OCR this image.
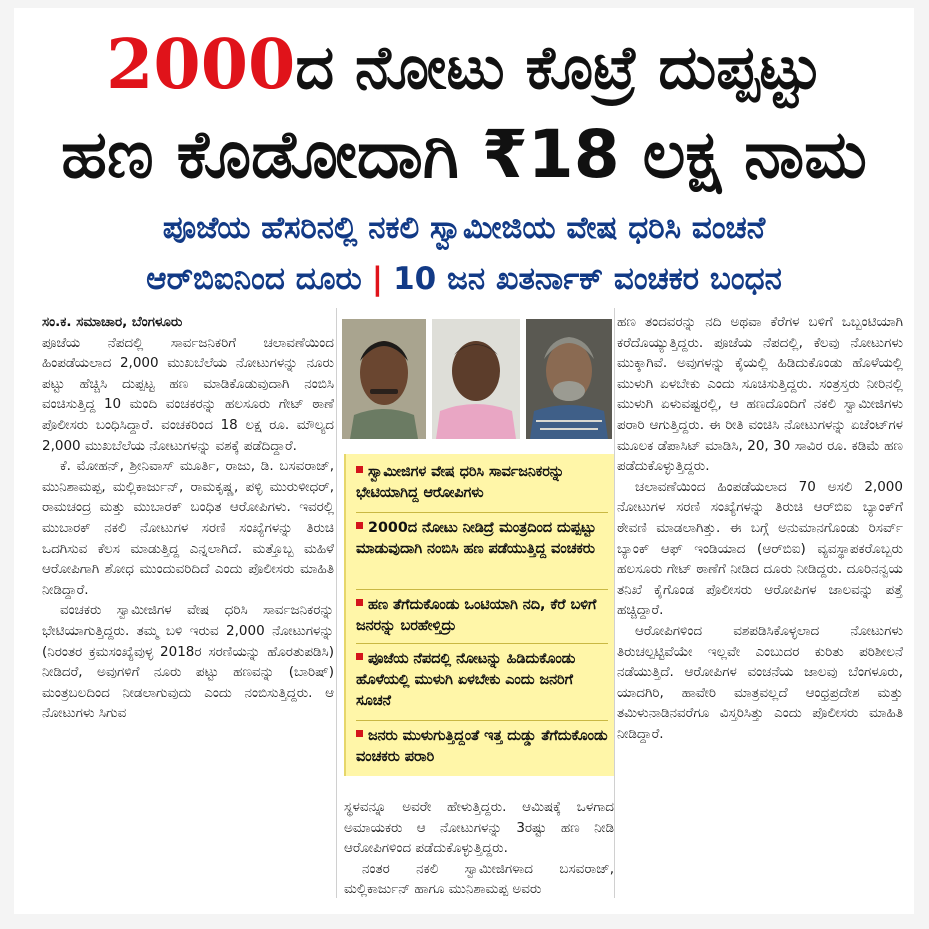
2000ದ ನೋಟು ಕೊಟ್ರೆ ದುಪ್ಪಟ್ಟು
ಹಣ ಕೊಡೋದಾಗಿ ₹18 ಲಕ್ಷ ನಾಮ
ಪೂಜೆಯ ಹೆಸರಿನಲ್ಲಿ ನಕಲಿ ಸ್ವಾಮೀಜಿಯ ವೇಷ ಧರಿಸಿ ವಂಚನೆ
ಆರ್‌ಬಿಐನಿಂದ ದೂರು | 10 ಜನ ಖತರ್ನಾಕ್ ವಂಚಕರ ಬಂಧನ

ಸಂ.ಕ. ಸಮಾಚಾರ, ಬೆಂಗಳೂರು

ಪೂಜೆಯ ನೆಪದಲ್ಲಿ ಸಾರ್ವಜನಿಕರಿಗೆ ಚಲಾವಣೆಯಿಂದ ಹಿಂಪಡೆಯಲಾದ 2,000 ಮುಖಬೆಲೆಯ ನೋಟುಗಳನ್ನು ನೂರು ಪಟ್ಟು ಹೆಚ್ಚಿಸಿ ದುಪ್ಪಟ್ಟ ಹಣ ಮಾಡಿಕೊಡುವುದಾಗಿ ನಂಬಿಸಿ ವಂಚಿಸುತ್ತಿದ್ದ 10 ಮಂದಿ ವಂಚಕರನ್ನು ಹಲಸೂರು ಗೇಟ್ ಠಾಣೆ ಪೊಲೀಸರು ಬಂಧಿಸಿದ್ದಾರೆ. ವಂಚಕರಿಂದ 18 ಲಕ್ಷ ರೂ. ಮೌಲ್ಯದ 2,000 ಮುಖಬೆಲೆಯ ನೋಟುಗಳನ್ನು ವಶಕ್ಕೆ ಪಡೆದಿದ್ದಾರೆ.

ಕೆ. ಮೋಹನ್, ಶ್ರೀನಿವಾಸ್ ಮೂರ್ತಿ, ರಾಜು, ಡಿ. ಬಸವರಾಜ್, ಮುನಿಶಾಮಪ್ಪ, ಮಲ್ಲಿಕಾರ್ಜುನ್, ರಾಮಕೃಷ್ಣ, ಪಳ್ಳಿ ಮುರುಳೀಧರ್, ರಾಮಚಂದ್ರ ಮತ್ತು ಮುಬಾರಕ್ ಬಂಧಿತ ಆರೋಪಿಗಳು. ಇವರಲ್ಲಿ ಮುಬಾರಕ್ ನಕಲಿ ನೋಟುಗಳ ಸರಣಿ ಸಂಖ್ಯೆಗಳನ್ನು ತಿರುಚಿ ಒದಗಿಸುವ ಕೆಲಸ ಮಾಡುತ್ತಿದ್ದ ಎನ್ನಲಾಗಿದೆ. ಮತ್ತೊಬ್ಬ ಮಹಿಳೆ ಆರೋಪಿಗಾಗಿ ಶೋಧ ಮುಂದುವರಿದಿದೆ ಎಂದು ಪೊಲೀಸರು ಮಾಹಿತಿ ನೀಡಿದ್ದಾರೆ.

ವಂಚಕರು ಸ್ವಾಮೀಜಿಗಳ ವೇಷ ಧರಿಸಿ ಸಾರ್ವಜನಿಕರನ್ನು ಭೇಟಿಯಾಗುತ್ತಿದ್ದರು. ತಮ್ಮ ಬಳಿ ಇರುವ 2,000 ನೋಟುಗಳನ್ನು (ನಿರಂತರ ಕ್ರಮಸಂಖ್ಯೆವುಳ್ಳ 2018ರ ಸರಣಿಯನ್ನು ಹೊರತುಪಡಿಸಿ) ನೀಡಿದರೆ, ಅವುಗಳಿಗೆ ನೂರು ಪಟ್ಟು ಹಣವನ್ನು (ಬಾರಿಷ್) ಮಂತ್ರಬಲದಿಂದ ನೀಡಲಾಗುವುದು ಎಂದು ನಂಬಿಸುತ್ತಿದ್ದರು. ಆ ನೋಟುಗಳು ಸಿಗುವ

ಸ್ವಾಮೀಜಿಗಳ ವೇಷ ಧರಿಸಿ ಸಾರ್ವಜನಿಕರನ್ನು ಭೇಟಿಯಾಗಿದ್ದ ಆರೋಪಿಗಳು
2000ದ ನೋಟು ನೀಡಿದ್ರೆ ಮಂತ್ರದಿಂದ ದುಪ್ಪಟ್ಟು ಮಾಡುವುದಾಗಿ ನಂಬಿಸಿ ಹಣ ಪಡೆಯುತ್ತಿದ್ದ ವಂಚಕರು
ಹಣ ತೆಗೆದುಕೊಂಡು ಒಂಟಿಯಾಗಿ ನದಿ, ಕೆರೆ ಬಳಿಗೆ ಜನರನ್ನು ಬರಹೇಳ್ತಿದ್ರು
ಪೂಜೆಯ ನೆಪದಲ್ಲಿ ನೋಟನ್ನು ಹಿಡಿದುಕೊಂಡು ಹೊಳೆಯಲ್ಲಿ ಮುಳುಗಿ ಏಳಬೇಕು ಎಂದು ಜನರಿಗೆ ಸೂಚನೆ
ಜನರು ಮುಳುಗುತ್ತಿದ್ದಂತೆ ಇತ್ತ ದುಡ್ಡು ತೆಗೆದುಕೊಂಡು ವಂಚಕರು ಪರಾರಿ

ಸ್ಥಳವನ್ನೂ ಅವರೇ ಹೇಳುತ್ತಿದ್ದರು. ಆಮಿಷಕ್ಕೆ ಒಳಗಾದ ಅಮಾಯಕರು ಆ ನೋಟುಗಳನ್ನು 3ರಷ್ಟು ಹಣ ನೀಡಿ ಆರೋಪಿಗಳಿಂದ ಪಡೆದುಕೊಳ್ಳುತ್ತಿದ್ದರು.

ನಂತರ ನಕಲಿ ಸ್ವಾಮೀಜಿಗಳಾದ ಬಸವರಾಜ್, ಮಲ್ಲಿಕಾರ್ಜುನ್ ಹಾಗೂ ಮುನಿಶಾಮಪ್ಪ ಅವರು

ಹಣ ತಂದವರನ್ನು ನದಿ ಅಥವಾ ಕೆರೆಗಳ ಬಳಿಗೆ ಒಬ್ಬಂಟಿಯಾಗಿ ಕರೆದೊಯ್ಯುತ್ತಿದ್ದರು. ಪೂಜೆಯ ನೆಪದಲ್ಲಿ, ಕೆಲವು ನೋಟುಗಳು ಮುಕ್ಕಾಗಿವೆ. ಅವುಗಳನ್ನು ಕೈಯಲ್ಲಿ ಹಿಡಿದುಕೊಂಡು ಹೊಳೆಯಲ್ಲಿ ಮುಳುಗಿ ಏಳಬೇಕು ಎಂದು ಸೂಚಿಸುತ್ತಿದ್ದರು. ಸಂತ್ರಸ್ತರು ನೀರಿನಲ್ಲಿ ಮುಳುಗಿ ಏಳುವಷ್ಟರಲ್ಲಿ, ಆ ಹಣದೊಂದಿಗೆ ನಕಲಿ ಸ್ವಾಮೀಜಿಗಳು ಪರಾರಿ ಆಗುತ್ತಿದ್ದರು. ಈ ರೀತಿ ವಂಚಿಸಿ ನೋಟುಗಳನ್ನು ಏಜೆಂಟ್‌ಗಳ ಮೂಲಕ ಡೆಪಾಸಿಟ್ ಮಾಡಿಸಿ, 20, 30 ಸಾವಿರ ರೂ. ಕಡಿಮೆ ಹಣ ಪಡೆದುಕೊಳ್ಳುತ್ತಿದ್ದರು.

ಚಲಾವಣೆಯಿಂದ ಹಿಂಪಡೆಯಲಾದ 70 ಅಸಲಿ 2,000 ನೋಟುಗಳ ಸರಣಿ ಸಂಖ್ಯೆಗಳನ್ನು ತಿರುಚಿ ಆರ್‌ಬಿಐ ಬ್ಯಾಂಕ್‌ಗೆ ಠೇವಣಿ ಮಾಡಲಾಗಿತ್ತು. ಈ ಬಗ್ಗೆ ಅನುಮಾನಗೊಂಡು ರಿಸರ್ವ್ ಬ್ಯಾಂಕ್ ಆಫ್ ಇಂಡಿಯಾದ (ಆರ್‌ಬಿಐ) ವ್ಯವಸ್ಥಾಪಕರೊಬ್ಬರು ಹಲಸೂರು ಗೇಟ್ ಠಾಣೆಗೆ ನೀಡಿದ ದೂರು ನೀಡಿದ್ದರು. ದೂರಿನನ್ವಯ ತನಿಖೆ ಕೈಗೊಂಡ ಪೊಲೀಸರು ಆರೋಪಿಗಳ ಜಾಲವನ್ನು ಪತ್ತೆ ಹಚ್ಚಿದ್ದಾರೆ.

ಆರೋಪಿಗಳಿಂದ ವಶಪಡಿಸಿಕೊಳ್ಳಲಾದ ನೋಟುಗಳು ತಿರುಚಲ್ಪಟ್ಟಿವೆಯೇ ಇಲ್ಲವೇ ಎಂಬುದರ ಕುರಿತು ಪರಿಶೀಲನೆ ನಡೆಯುತ್ತಿದೆ. ಆರೋಪಿಗಳ ವಂಚನೆಯ ಜಾಲವು ಬೆಂಗಳೂರು, ಯಾದಗಿರಿ, ಹಾವೇರಿ ಮಾತ್ರವಲ್ಲದೆ ಆಂಧ್ರಪ್ರದೇಶ ಮತ್ತು ತಮಿಳುನಾಡಿನವರೆಗೂ ವಿಸ್ತರಿಸಿತ್ತು ಎಂದು ಪೊಲೀಸರು ಮಾಹಿತಿ ನೀಡಿದ್ದಾರೆ.
